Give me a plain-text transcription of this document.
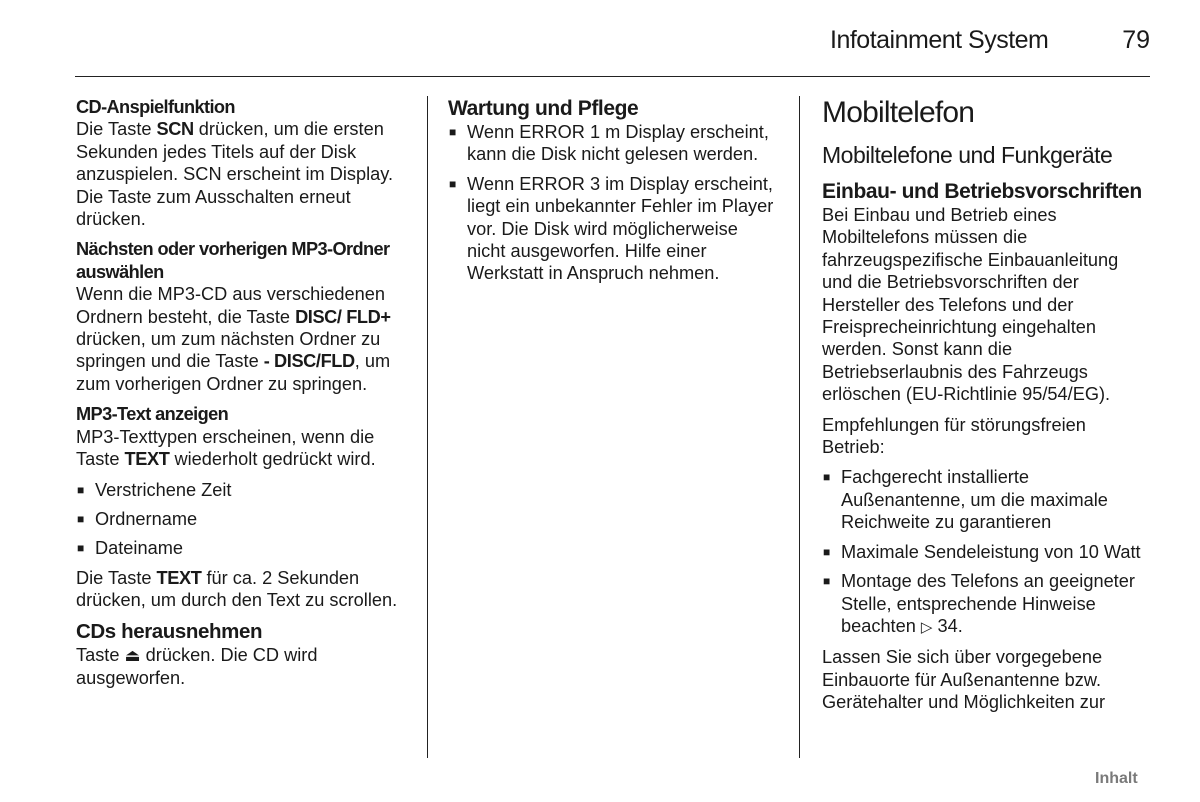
Infotainment System	79
CD-Anspielfunktion

Die Taste SCN drücken, um die ersten Sekunden jedes Titels auf der Disk anzuspielen. SCN erscheint im Display. Die Taste zum Ausschalten erneut drücken.

Nächsten oder vorherigen MP3-Ordner auswählen

Wenn die MP3-CD aus verschiedenen Ordnern besteht, die Taste DISC/ FLD+ drücken, um zum nächsten Ordner zu springen und die Taste - DISC/FLD, um zum vorherigen Ordner zu springen.

MP3-Text anzeigen

MP3-Texttypen erscheinen, wenn die Taste TEXT wiederholt gedrückt wird.

■ Verstrichene Zeit
■ Ordnername
■ Dateiname

Die Taste TEXT für ca. 2 Sekunden drücken, um durch den Text zu scrollen.

CDs herausnehmen

Taste ⏏ drücken. Die CD wird ausgeworfen.

Wartung und Pflege
■ Wenn ERROR 1 m Display erscheint, kann die Disk nicht gelesen werden.
■ Wenn ERROR 3 im Display erscheint, liegt ein unbekannter Fehler im Player vor. Die Disk wird möglicherweise nicht ausgeworfen. Hilfe einer Werkstatt in Anspruch nehmen.
Mobiltelefon
Mobiltelefone und Funkgeräte
Einbau- und Betriebsvorschriften

Bei Einbau und Betrieb eines Mobiltelefons müssen die fahrzeugspezifische Einbauanleitung und die Betriebsvorschriften der Hersteller des Telefons und der Freisprecheinrichtung eingehalten werden. Sonst kann die Betriebserlaubnis des Fahrzeugs erlöschen (EU-Richtlinie 95/54/EG).

Empfehlungen für störungsfreien Betrieb:

■ Fachgerecht installierte Außenantenne, um die maximale Reichweite zu garantieren
■ Maximale Sendeleistung von 10 Watt
■ Montage des Telefons an geeigneter Stelle, entsprechende Hinweise beachten ▷ 34.

Lassen Sie sich über vorgegebene Einbauorte für Außenantenne bzw. Gerätehalter und Möglichkeiten zur

Inhalt
